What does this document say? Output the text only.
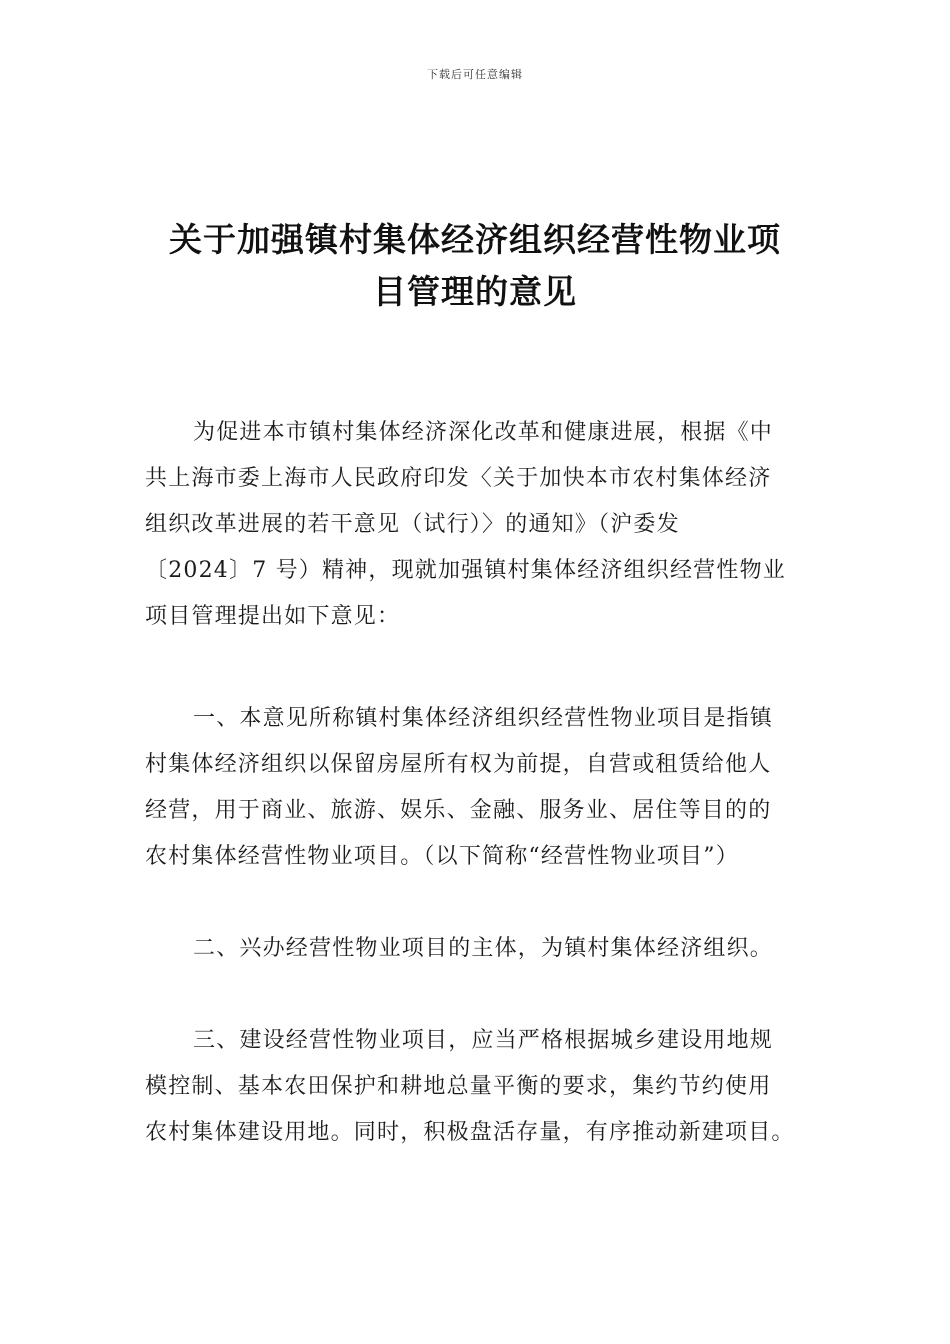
下载后可任意编辑
关于加强镇村集体经济组织经营性物业项
目管理的意见
为促进本市镇村集体经济深化改革和健康进展，根据《中
共上海市委上海市人民政府印发〈关于加快本市农村集体经济
组织改革进展的若干意见（试行）〉的通知》（沪委发
〔2024〕7 号）精神，现就加强镇村集体经济组织经营性物业
项目管理提出如下意见：
一、本意见所称镇村集体经济组织经营性物业项目是指镇
村集体经济组织以保留房屋所有权为前提，自营或租赁给他人
经营，用于商业、旅游、娱乐、金融、服务业、居住等目的的
农村集体经营性物业项目。（以下简称“经营性物业项目”）
二、兴办经营性物业项目的主体，为镇村集体经济组织。
三、建设经营性物业项目，应当严格根据城乡建设用地规
模控制、基本农田保护和耕地总量平衡的要求，集约节约使用
农村集体建设用地。同时，积极盘活存量，有序推动新建项目。
